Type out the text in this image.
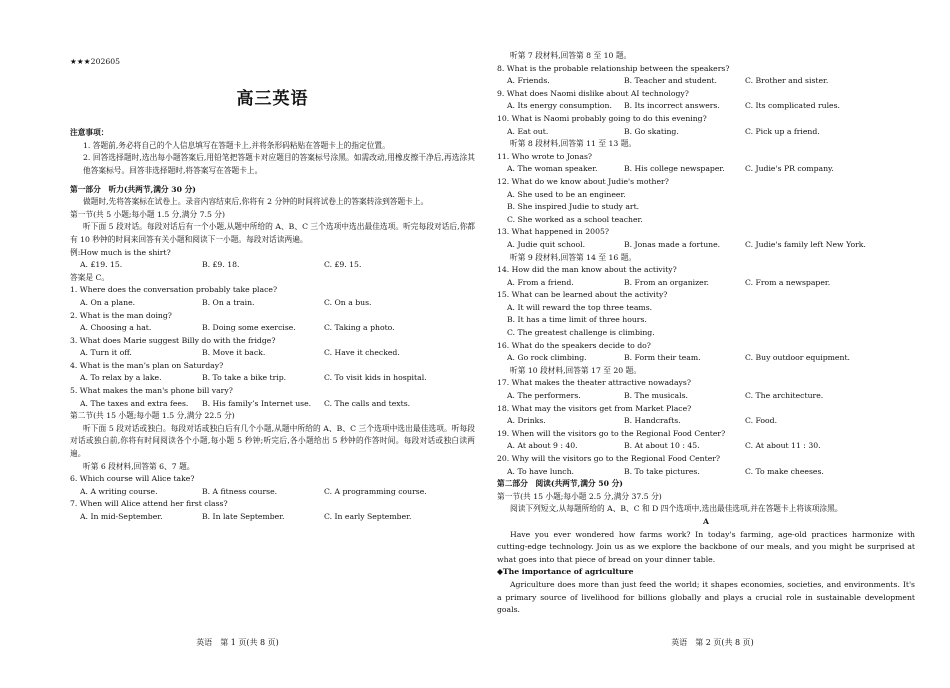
★★★202605
高三英语
注意事项：
1. 答题前,务必将自己的个人信息填写在答题卡上,并将条形码粘贴在答题卡上的指定位置。
2. 回答选择题时,选出每小题答案后,用铅笔把答题卡对应题目的答案标号涂黑。如需改动,用橡皮擦干净后,再选涂其他答案标号。回答非选择题时,将答案写在答题卡上。
第一部分　听力(共两节,满分 30 分)
做题时,先将答案标在试卷上。录音内容结束后,你将有 2 分钟的时间将试卷上的答案转涂到答题卡上。
第一节(共 5 小题;每小题 1.5 分,满分 7.5 分)
听下面 5 段对话。每段对话后有一个小题,从题中所给的 A、B、C 三个选项中选出最佳选项。听完每段对话后,你都有 10 秒钟的时间来回答有关小题和阅读下一小题。每段对话读两遍。
例:How much is the shirt?
A. £19. 15.	B. £9. 18.	C. £9. 15.
答案是 C。
1. Where does the conversation probably take place?
A. On a plane.	B. On a train.	C. On a bus.
2. What is the man doing?
A. Choosing a hat.	B. Doing some exercise.	C. Taking a photo.
3. What does Marie suggest Billy do with the fridge?
A. Turn it off.	B. Move it back.	C. Have it checked.
4. What is the man’s plan on Saturday?
A. To relax by a lake.	B. To take a bike trip.	C. To visit kids in hospital.
5. What makes the man's phone bill vary?
A. The taxes and extra fees.	B. His family’s Internet use.	C. The calls and texts.
第二节(共 15 小题;每小题 1.5 分,满分 22.5 分)
听下面 5 段对话或独白。每段对话或独白后有几个小题,从题中所给的 A、B、C 三个选项中选出最佳选项。听每段对话或独白前,你将有时间阅读各个小题,每小题 5 秒钟;听完后,各小题给出 5 秒钟的作答时间。每段对话或独白读两遍。
听第 6 段材料,回答第 6、7 题。
6. Which course will Alice take?
A. A writing course.	B. A fitness course.	C. A programming course.
7. When will Alice attend her first class?
A. In mid-September.	B. In late September.	C. In early September.
英语　第 1 页(共 8 页)
听第 7 段材料,回答第 8 至 10 题。
8. What is the probable relationship between the speakers?
A. Friends.	B. Teacher and student.	C. Brother and sister.
9. What does Naomi dislike about AI technology?
A. Its energy consumption.	B. Its incorrect answers.	C. Its complicated rules.
10. What is Naomi probably going to do this evening?
A. Eat out.	B. Go skating.	C. Pick up a friend.
听第 8 段材料,回答第 11 至 13 题。
11. Who wrote to Jonas?
A. The woman speaker.	B. His college newspaper.	C. Judie's PR company.
12. What do we know about Judie's mother?
A. She used to be an engineer.
B. She inspired Judie to study art.
C. She worked as a school teacher.
13. What happened in 2005?
A. Judie quit school.	B. Jonas made a fortune.	C. Judie's family left New York.
听第 9 段材料,回答第 14 至 16 题。
14. How did the man know about the activity?
A. From a friend.	B. From an organizer.	C. From a newspaper.
15. What can be learned about the activity?
A. It will reward the top three teams.
B. It has a time limit of three hours.
C. The greatest challenge is climbing.
16. What do the speakers decide to do?
A. Go rock climbing.	B. Form their team.	C. Buy outdoor equipment.
听第 10 段材料,回答第 17 至 20 题。
17. What makes the theater attractive nowadays?
A. The performers.	B. The musicals.	C. The architecture.
18. What may the visitors get from Market Place?
A. Drinks.	B. Handcrafts.	C. Food.
19. When will the visitors go to the Regional Food Center?
A. At about 9 : 40.	B. At about 10 : 45.	C. At about 11 : 30.
20. Why will the visitors go to the Regional Food Center?
A. To have lunch.	B. To take pictures.	C. To make cheeses.
第二部分　阅读(共两节,满分 50 分)
第一节(共 15 小题;每小题 2.5 分,满分 37.5 分)
阅读下列短文,从每题所给的 A、B、C 和 D 四个选项中,选出最佳选项,并在答题卡上将该项涂黑。
A
Have you ever wondered how farms work? In today's farming, age-old practices harmonize with cutting-edge technology. Join us as we explore the backbone of our meals, and you might be surprised at what goes into that piece of bread on your dinner table.
◆The importance of agriculture
Agriculture does more than just feed the world; it shapes economies, societies, and environments. It's a primary source of livelihood for billions globally and plays a crucial role in sustainable development goals.
英语　第 2 页(共 8 页)
